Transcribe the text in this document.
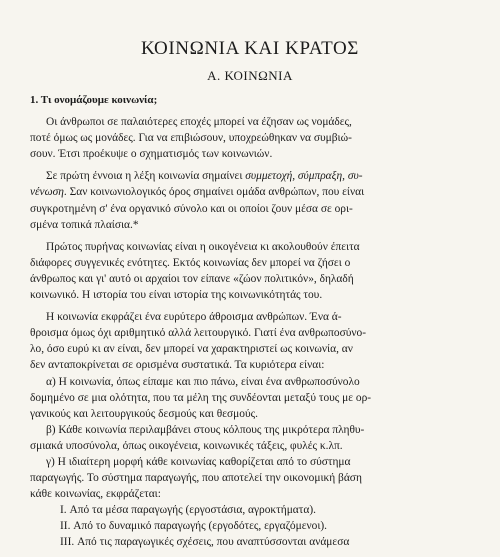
ΚΟΙΝΩΝΙΑ ΚΑΙ ΚΡΑΤΟΣ
Α. ΚΟΙΝΩΝΙΑ
1. Τι ονομάζουμε κοινωνία;
Οι άνθρωποι σε παλαιότερες εποχές μπορεί να έζησαν ως νομάδες,
ποτέ όμως ως μονάδες. Για να επιβιώσουν, υποχρεώθηκαν να συμβιώ-
σουν. Έτσι προέκυψε ο σχηματισμός των κοινωνιών.
Σε πρώτη έννοια η λέξη κοινωνία σημαίνει συμμετοχή, σύμπραξη, συ-
νένωση. Σαν κοινωνιολογικός όρος σημαίνει ομάδα ανθρώπων, που είναι
συγκροτημένη σ' ένα οργανικό σύνολο και οι οποίοι ζουν μέσα σε ορι-
σμένα τοπικά πλαίσια.*
Πρώτος πυρήνας κοινωνίας είναι η οικογένεια κι ακολουθούν έπειτα
διάφορες συγγενικές ενότητες. Εκτός κοινωνίας δεν μπορεί να ζήσει ο
άνθρωπος και γι' αυτό οι αρχαίοι τον είπανε «ζώον πολιτικόν», δηλαδή
κοινωνικό. Η ιστορία του είναι ιστορία της κοινωνικότητάς του.
Η κοινωνία εκφράζει ένα ευρύτερο άθροισμα ανθρώπων. Ένα ά-
θροισμα όμως όχι αριθμητικό αλλά λειτουργικό. Γιατί ένα ανθρωποσύνο-
λο, όσο ευρύ κι αν είναι, δεν μπορεί να χαρακτηριστεί ως κοινωνία, αν
δεν ανταποκρίνεται σε ορισμένα συστατικά. Τα κυριότερα είναι:
α) Η κοινωνία, όπως είπαμε και πιο πάνω, είναι ένα ανθρωποσύνολο
δομημένο σε μια ολότητα, που τα μέλη της συνδέονται μεταξύ τους με ορ-
γανικούς και λειτουργικούς δεσμούς και θεσμούς.
β) Κάθε κοινωνία περιλαμβάνει στους κόλπους της μικρότερα πληθυ-
σμιακά υποσύνολα, όπως οικογένεια, κοινωνικές τάξεις, φυλές κ.λπ.
γ) Η ιδιαίτερη μορφή κάθε κοινωνίας καθορίζεται από το σύστημα
παραγωγής. Το σύστημα παραγωγής, που αποτελεί την οικονομική βάση
κάθε κοινωνίας, εκφράζεται:
I. Από τα μέσα παραγωγής (εργοστάσια, αγροκτήματα).
II. Από το δυναμικό παραγωγής (εργοδότες, εργαζόμενοι).
III. Από τις παραγωγικές σχέσεις, που αναπτύσσονται ανάμεσα
